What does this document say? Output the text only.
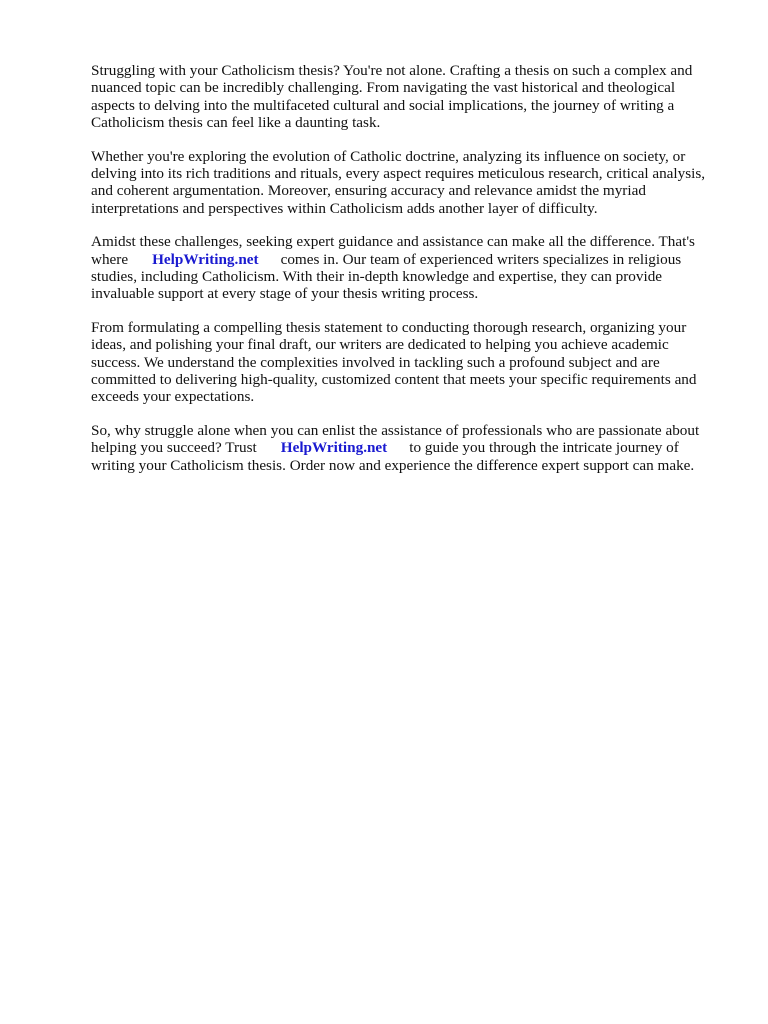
Struggling with your Catholicism thesis? You're not alone. Crafting a thesis on such a complex and nuanced topic can be incredibly challenging. From navigating the vast historical and theological aspects to delving into the multifaceted cultural and social implications, the journey of writing a Catholicism thesis can feel like a daunting task.

Whether you're exploring the evolution of Catholic doctrine, analyzing its influence on society, or delving into its rich traditions and rituals, every aspect requires meticulous research, critical analysis, and coherent argumentation. Moreover, ensuring accuracy and relevance amidst the myriad interpretations and perspectives within Catholicism adds another layer of difficulty.

Amidst these challenges, seeking expert guidance and assistance can make all the difference. That's where HelpWriting.net comes in. Our team of experienced writers specializes in religious studies, including Catholicism. With their in-depth knowledge and expertise, they can provide invaluable support at every stage of your thesis writing process.

From formulating a compelling thesis statement to conducting thorough research, organizing your ideas, and polishing your final draft, our writers are dedicated to helping you achieve academic success. We understand the complexities involved in tackling such a profound subject and are committed to delivering high-quality, customized content that meets your specific requirements and exceeds your expectations.

So, why struggle alone when you can enlist the assistance of professionals who are passionate about helping you succeed? Trust HelpWriting.net to guide you through the intricate journey of writing your Catholicism thesis. Order now and experience the difference expert support can make.
